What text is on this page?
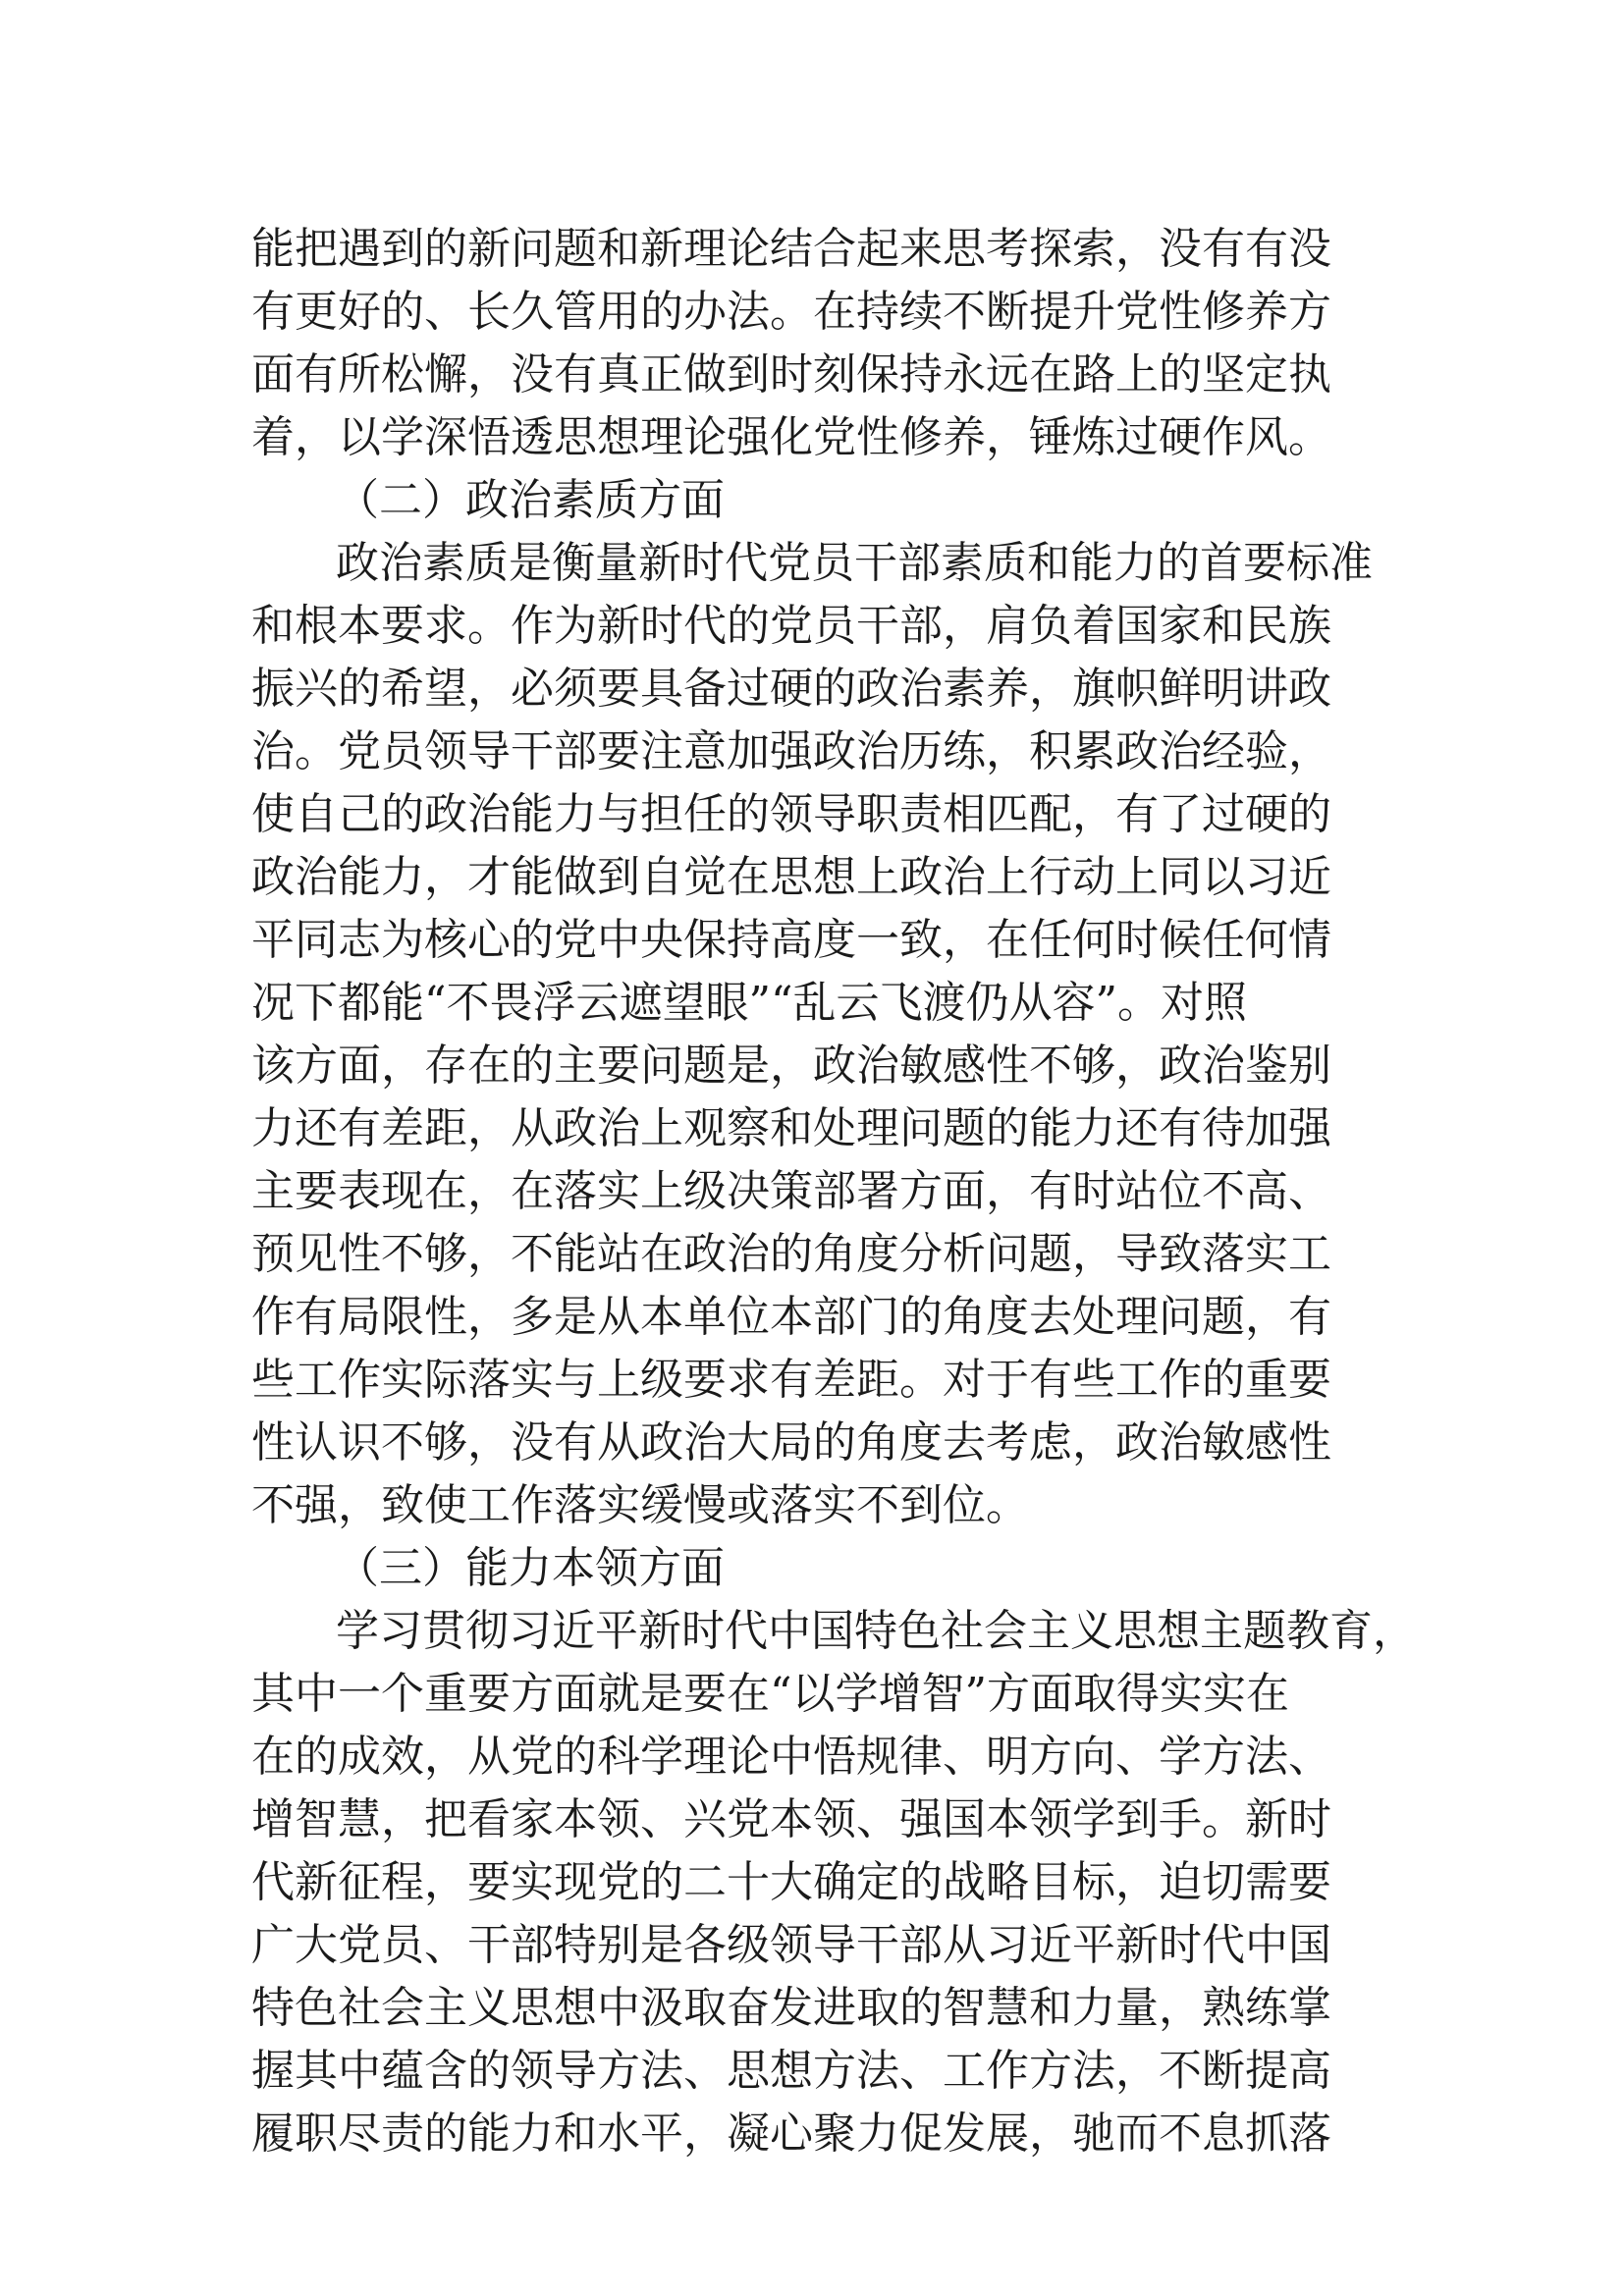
能把遇到的新问题和新理论结合起来思考探索，没有有没
有更好的、长久管用的办法。在持续不断提升党性修养方
面有所松懈，没有真正做到时刻保持永远在路上的坚定执
着，以学深悟透思想理论强化党性修养，锤炼过硬作风。
（二）政治素质方面
政治素质是衡量新时代党员干部素质和能力的首要标准
和根本要求。作为新时代的党员干部，肩负着国家和民族
振兴的希望，必须要具备过硬的政治素养，旗帜鲜明讲政
治。党员领导干部要注意加强政治历练，积累政治经验，
使自己的政治能力与担任的领导职责相匹配，有了过硬的
政治能力，才能做到自觉在思想上政治上行动上同以习近
平同志为核心的党中央保持高度一致，在任何时候任何情
况下都能“不畏浮云遮望眼”“乱云飞渡仍从容”。对照
该方面，存在的主要问题是，政治敏感性不够，政治鉴别
力还有差距，从政治上观察和处理问题的能力还有待加强
主要表现在，在落实上级决策部署方面，有时站位不高、
预见性不够，不能站在政治的角度分析问题，导致落实工
作有局限性，多是从本单位本部门的角度去处理问题，有
些工作实际落实与上级要求有差距。对于有些工作的重要
性认识不够，没有从政治大局的角度去考虑，政治敏感性
不强，致使工作落实缓慢或落实不到位。
（三）能力本领方面
学习贯彻习近平新时代中国特色社会主义思想主题教育，
其中一个重要方面就是要在“以学增智”方面取得实实在
在的成效，从党的科学理论中悟规律、明方向、学方法、
增智慧，把看家本领、兴党本领、强国本领学到手。新时
代新征程，要实现党的二十大确定的战略目标，迫切需要
广大党员、干部特别是各级领导干部从习近平新时代中国
特色社会主义思想中汲取奋发进取的智慧和力量，熟练掌
握其中蕴含的领导方法、思想方法、工作方法，不断提高
履职尽责的能力和水平，凝心聚力促发展，驰而不息抓落
